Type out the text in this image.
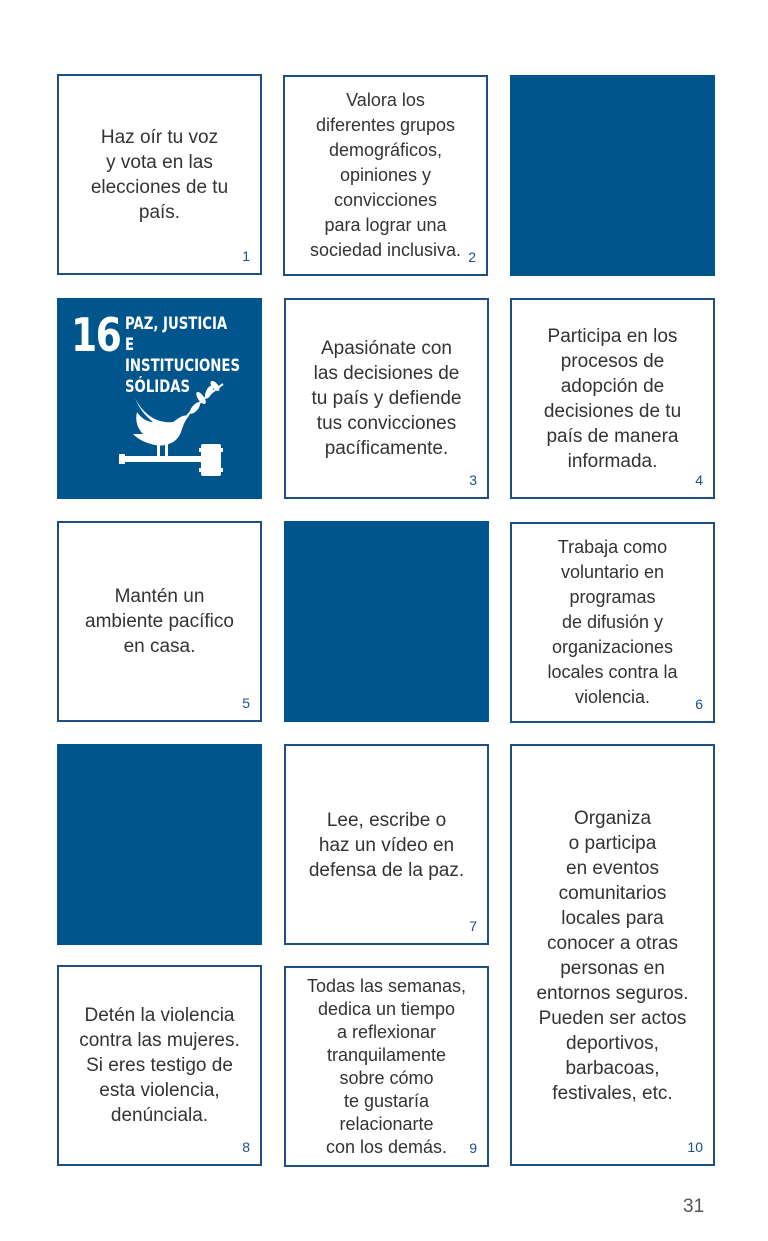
Haz oír tu voz
y vota en las
elecciones de tu
país.
1
Valora los
diferentes grupos
demográficos,
opiniones y
convicciones
para lograr una
sociedad inclusiva. 2
16 PAZ, JUSTICIA
E INSTITUCIONES
SÓLIDAS
Apasiónate con
las decisiones de
tu país y defiende
tus convicciones
pacíficamente.
3
Participa en los
procesos de
adopción de
decisiones de tu
país de manera
informada.
4
Mantén un
ambiente pacífico
en casa.
5
Trabaja como
voluntario en
programas
de difusión y
organizaciones
locales contra la
violencia.	6
Lee, escribe o
haz un vídeo en
defensa de la paz.
7
Organiza
o participa
en eventos
comunitarios
locales para
conocer a otras
personas en
entornos seguros.
Pueden ser actos
deportivos,
barbacoas,
festivales, etc.
10
Detén la violencia
contra las mujeres.
Si eres testigo de
esta violencia,
denúnciala.
8
Todas las semanas,
dedica un tiempo
a reflexionar
tranquilamente
sobre cómo
te gustaría
relacionarte
con los demás.	9
31
